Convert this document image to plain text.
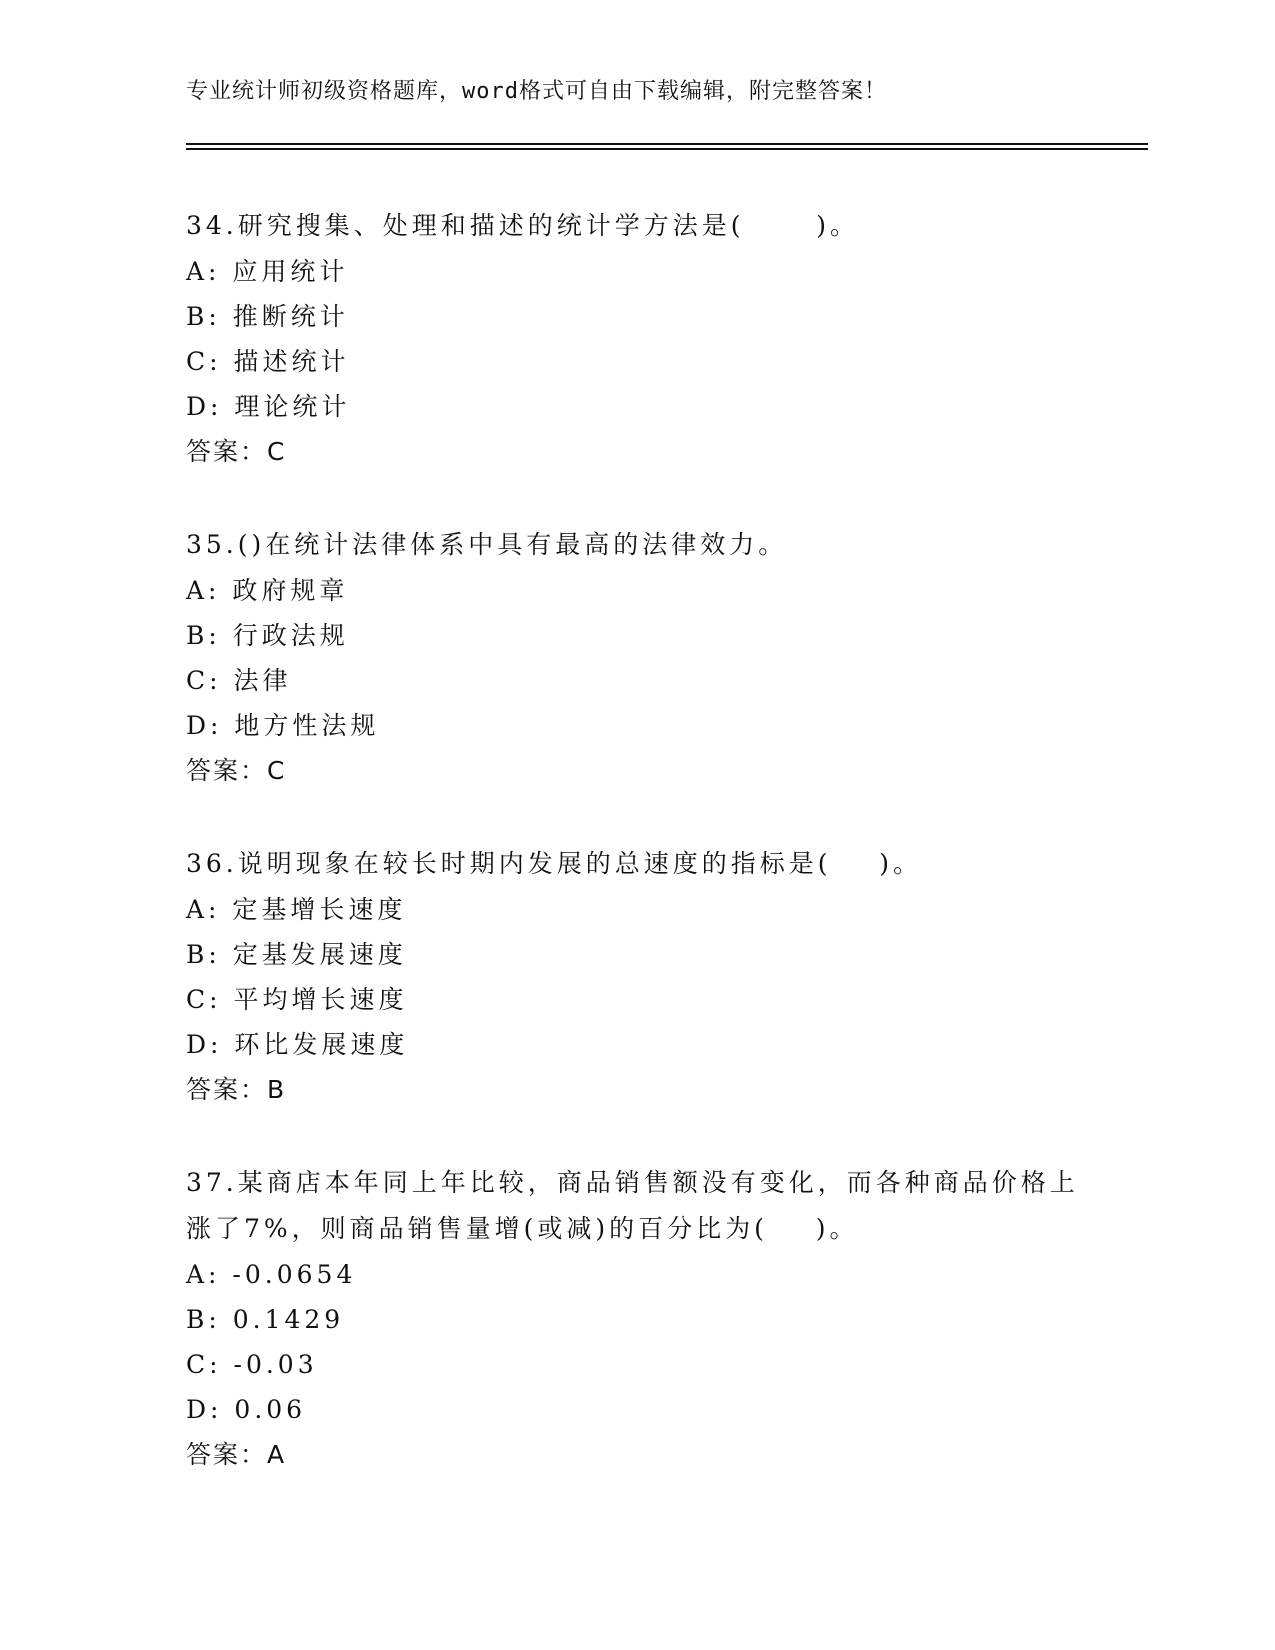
专业统计师初级资格题库，word格式可自由下载编辑，附完整答案！
34.研究搜集、处理和描述的统计学方法是(      )。
A: 应用统计
B: 推断统计
C: 描述统计
D: 理论统计
答案：C
35.()在统计法律体系中具有最高的法律效力。
A: 政府规章
B: 行政法规
C: 法律
D: 地方性法规
答案：C
36.说明现象在较长时期内发展的总速度的指标是(    )。
A: 定基增长速度
B: 定基发展速度
C: 平均增长速度
D: 环比发展速度
答案：B
37.某商店本年同上年比较，商品销售额没有变化，而各种商品价格上涨了7%，则商品销售量增(或减)的百分比为(    )。
A: -0.0654
B: 0.1429
C: -0.03
D: 0.06
答案：A
